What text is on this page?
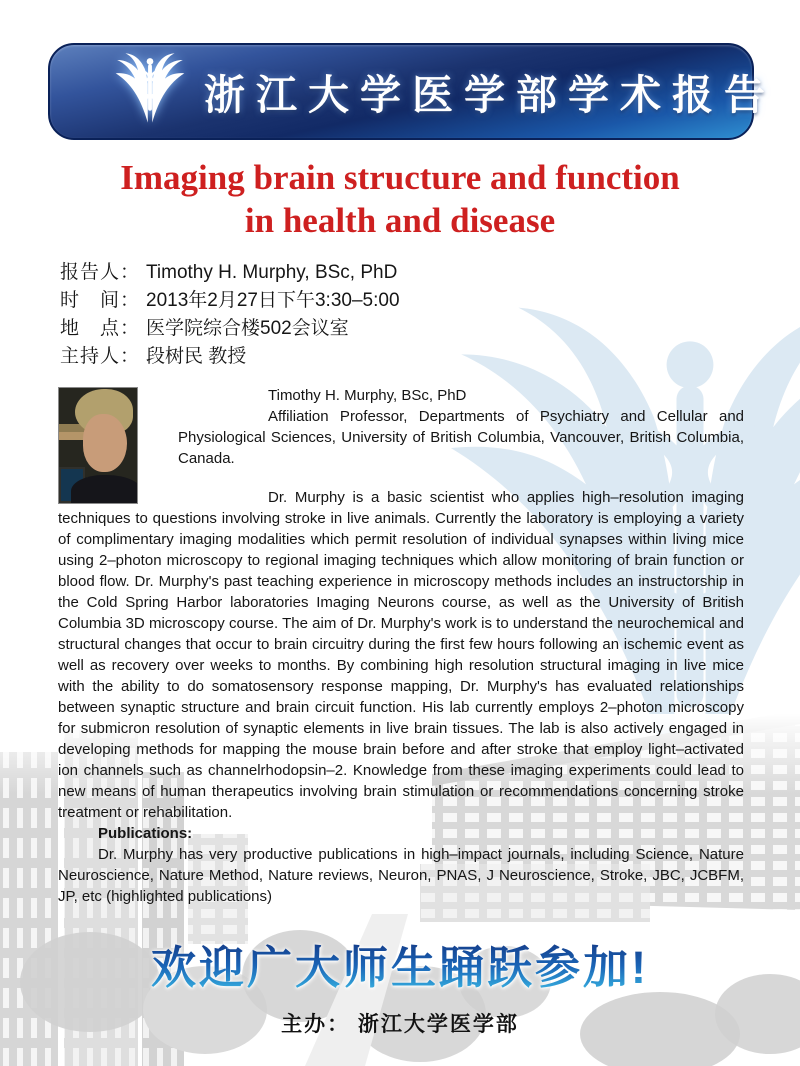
浙江大学医学部学术报告
Imaging brain structure and function
in health and disease
报告人： Timothy H. Murphy, BSc, PhD
时　间： 2013年2月27日下午3:30–5:00
地　点： 医学院综合楼502会议室
主持人： 段树民 教授

Timothy H. Murphy, BSc, PhD

Affiliation Professor, Departments of Psychiatry and Cellular and Physiological Sciences, University of British Columbia, Vancouver, British Columbia, Canada.

Dr. Murphy is a basic scientist who applies high–resolution imaging techniques to questions involving stroke in live animals. Currently the laboratory is employing a variety of complimentary imaging modalities which permit resolution of individual synapses within living mice using 2–photon microscopy to regional imaging techniques which allow monitoring of brain function or blood flow. Dr. Murphy's past teaching experience in microscopy methods includes an instructorship in the Cold Spring Harbor laboratories Imaging Neurons course, as well as the University of British Columbia 3D microscopy course. The aim of Dr. Murphy's work is to understand the neurochemical and structural changes that occur to brain circuitry during the first few hours following an ischemic event as well as recovery over weeks to months. By combining high resolution structural imaging in live mice with the ability to do somatosensory response mapping, Dr. Murphy's has evaluated relationships between synaptic structure and brain circuit function. His lab currently employs 2–photon microscopy for submicron resolution of synaptic elements in live brain tissues. The lab is also actively engaged in developing methods for mapping the mouse brain before and after stroke that employ light–activated ion channels such as channelrhodopsin–2. Knowledge from these imaging experiments could lead to new means of human therapeutics involving brain stimulation or recommendations concerning stroke treatment or rehabilitation.

Publications:

Dr. Murphy has very productive publications in high–impact journals, including Science, Nature Neuroscience, Nature Method, Nature reviews, Neuron, PNAS, J Neuroscience, Stroke, JBC, JCBFM, JP, etc (highlighted publications)

欢迎广大师生踊跃参加!
主办： 浙江大学医学部
